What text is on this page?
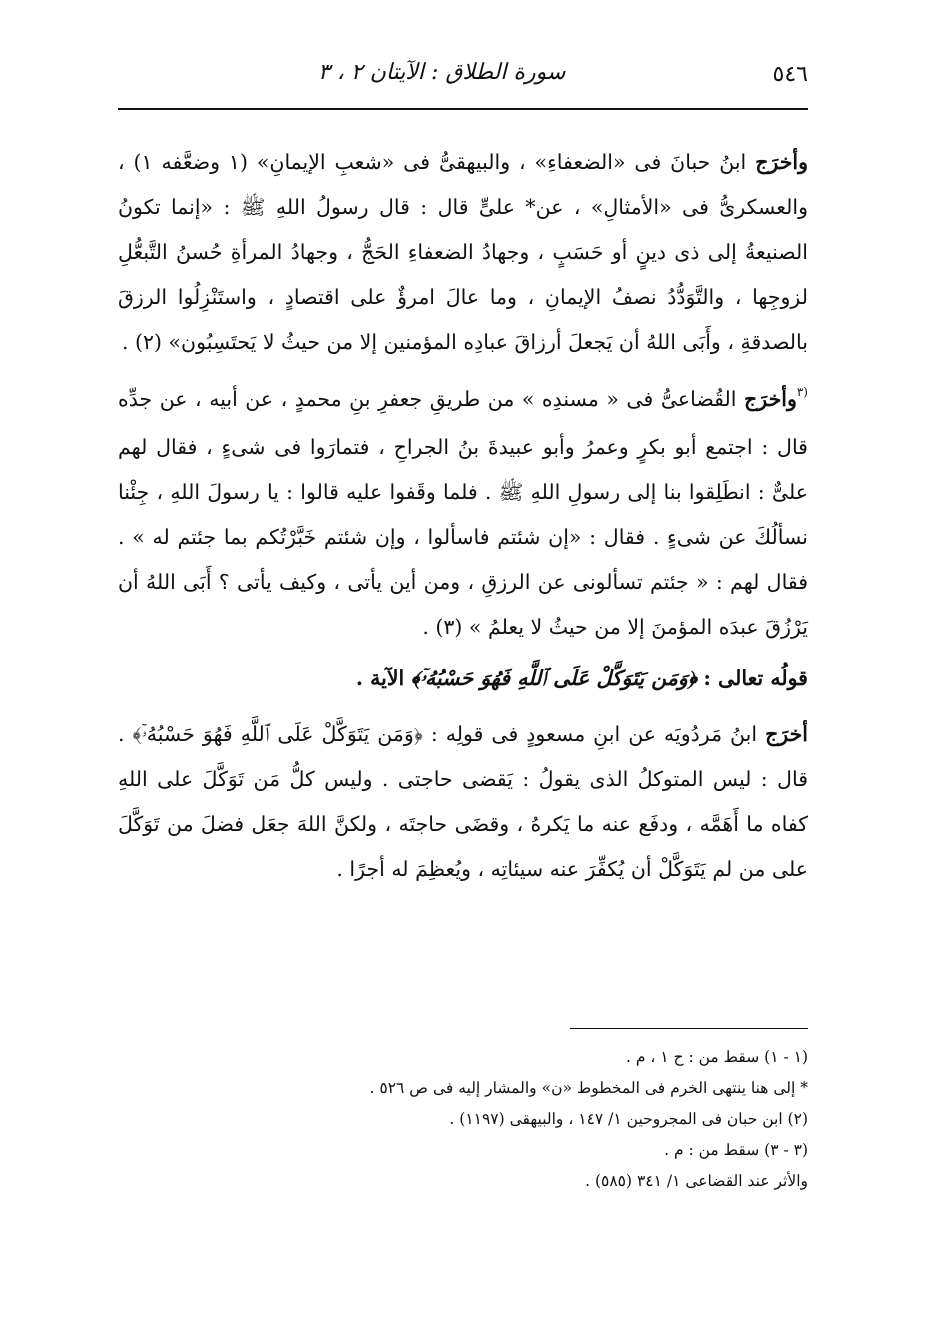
٥٤٦
سورة الطلاق : الآيتان ٢ ، ٣

وأخرَج ابنُ حبانَ فى «الضعفاءِ» ، والبيهقىُّ فى «شعبِ الإيمانِ» (١ وضعَّفه ١) ، والعسكرىُّ فى «الأمثالِ» ، عن* علىٍّ قال : قال رسولُ اللهِ ﷺ : «إنما تكونُ الصنيعةُ إلى ذى دينٍ أو حَسَبٍ ، وجهادُ الضعفاءِ الحَجُّ ، وجهادُ المرأةِ حُسنُ التَّبعُّلِ لزوجِها ، والتَّوَدُّدُ نصفُ الإيمانِ ، وما عالَ امرؤٌ على اقتصادٍ ، واستَنْزِلُوا الرزقَ بالصدقةِ ، وأَبَى اللهُ أن يَجعلَ أرزاقَ عبادِه المؤمنين إلا من حيثُ لا يَحتَسِبُون» (٢) .

$^{(٣}$وأخرَج القُضاعىُّ فى « مسندِه » من طريقِ جعفرِ بنِ محمدٍ ، عن أبيه ، عن جدِّه قال : اجتمع أبو بكرٍ وعمرُ وأبو عبيدةَ بنُ الجراحِ ، فتمارَوا فى شىءٍ ، فقال لهم علىٌّ : انطَلِقوا بنا إلى رسولِ اللهِ ﷺ . فلما وقَفوا عليه قالوا : يا رسولَ اللهِ ، جِئْنا نسألُكَ عن شىءٍ . فقال : «إن شئتم فاسألوا ، وإن شئتم خَبَّرْتُكم بما جئتم له » . فقال لهم : « جئتم تسألونى عن الرزقِ ، ومن أين يأتى ، وكيف يأتى ؟ أَبَى اللهُ أن يَرْزُقَ عبدَه المؤمنَ إلا من حيثُ لا يعلمُ » (٣) .

قولُه تعالى : ﴿وَمَن يَتَوَكَّلْ عَلَى ٱللَّهِ فَهُوَ حَسْبُهُۥٓ﴾ الآية .

أخرَج ابنُ مَردُويَه عن ابنِ مسعودٍ فى قولِه : ﴿وَمَن يَتَوَكَّلْ عَلَى ٱللَّهِ فَهُوَ حَسْبُهُۥٓ﴾ . قال : ليس المتوكلُ الذى يقولُ : يَقضى حاجتى . وليس كلُّ مَن تَوَكَّلَ على اللهِ كفاه ما أَهَمَّه ، ودفَع عنه ما يَكرهُ ، وقضَى حاجتَه ، ولكنَّ اللهَ جعَل فضلَ من تَوَكَّلَ على من لم يَتَوَكَّلْ أن يُكفِّرَ عنه سيئاتِه ، ويُعظِمَ له أجرًا .

(١ - ١) سقط من : ح ١ ، م .

* إلى هنا ينتهى الخرم فى المخطوط «ن» والمشار إليه فى ص ٥٢٦ .

(٢) ابن حبان فى المجروحين ١/ ١٤٧ ، والبيهقى (١١٩٧) .

(٣ - ٣) سقط من : م .

والأثر عند القضاعى ١/ ٣٤١ (٥٨٥) .
